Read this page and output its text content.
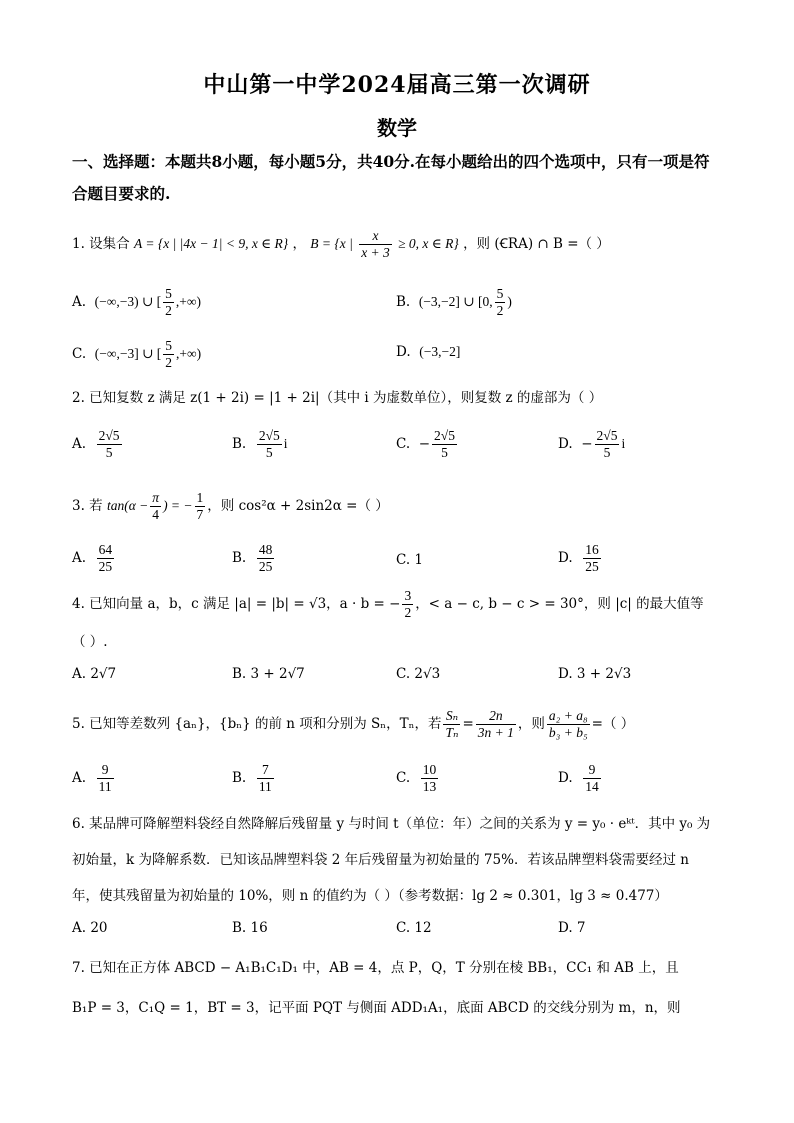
中山第一中学2024届高三第一次调研
数学
一、选择题：本题共8小题，每小题5分，共40分.在每小题给出的四个选项中，只有一项是符合题目要求的.
1. 设集合 A = {x | |4x − 1| < 9, x ∈ R} ， B = {x | $\frac{x}{x + 3} \ge 0$, x ∈ R} ，则 (ꞒRA) ∩ B =（ ）
A. (−∞,−3) ∪ [ $\frac{5}{2}$ ,+∞)	B. (−3,−2] ∪ [0, $\frac{5}{2}$ )
C. (−∞,−3] ∪ [ $\frac{5}{2}$ ,+∞)	D. (−3,−2]
2. 已知复数 z 满足 z(1 + 2i) = |1 + 2i|（其中 i 为虚数单位），则复数 z 的虚部为（ ）
A. $\frac{2√5}{5}$	B. $\frac{2√5}{5}$ i	C. − $\frac{2√5}{5}$	D. − $\frac{2√5}{5}$ i
3. 若 $\tan(\alpha - \frac{\pi}{4}$ ) = − $\frac{1}{7}$ ，则 cos²α + 2sin2α =（ ）
A. $\frac{64}{25}$	B. $\frac{48}{25}$	C. 1	D. $\frac{16}{25}$
4. 已知向量 a，b，c 满足 |a| = |b| = √3，a · b = − $\frac{3}{2}$ ，< a − c, b − c > = 30°，则 |c| 的最大值等
（ ）.
A. 2√7	B. 3 + 2√7	C. 2√3	D. 3 + 2√3
5. 已知等差数列 {aₙ}，{bₙ} 的前 n 项和分别为 Sₙ，Tₙ，若 $\frac{\text{Sₙ}}{\text{Tₙ}} = \frac{2n}{3n + 1}$ ，则 $\frac{\text{a₂ + a₈}}{\text{b₃ + b₅}}$ =（ ）
A. $\frac{9}{11}$	B. $\frac{7}{11}$	C. $\frac{10}{13}$	D. $\frac{9}{14}$
6. 某品牌可降解塑料袋经自然降解后残留量 y 与时间 t（单位：年）之间的关系为 y = y₀ · eᵏᵗ．其中 y₀ 为
初始量，k 为降解系数．已知该品牌塑料袋 2 年后残留量为初始量的 75%．若该品牌塑料袋需要经过 n
年，使其残留量为初始量的 10%，则 n 的值约为（ ）（参考数据：lg 2 ≈ 0.301，lg 3 ≈ 0.477）
A. 20	B. 16	C. 12	D. 7
7. 已知在正方体 ABCD − A₁B₁C₁D₁ 中，AB = 4，点 P，Q，T 分别在棱 BB₁，CC₁ 和 AB 上，且
B₁P = 3，C₁Q = 1，BT = 3，记平面 PQT 与侧面 ADD₁A₁，底面 ABCD 的交线分别为 m，n，则
